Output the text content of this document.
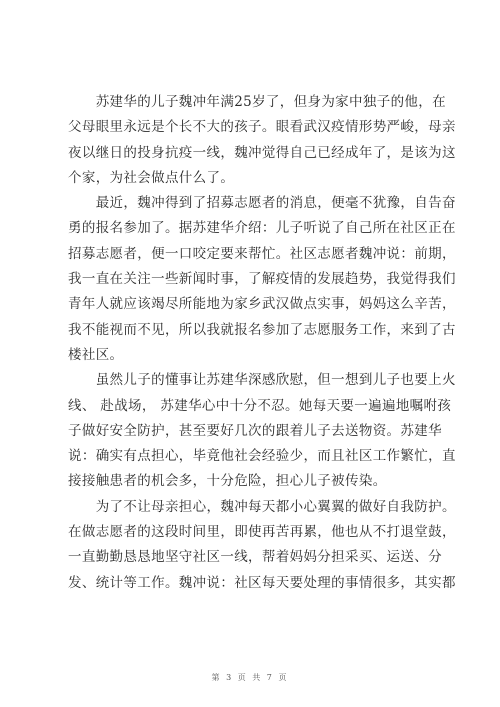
　　苏建华的儿子魏冲年满25岁了，但身为家中独子的他，在
父母眼里永远是个长不大的孩子。眼看武汉疫情形势严峻，母亲
夜以继日的投身抗疫一线，魏冲觉得自己已经成年了，是该为这
个家，为社会做点什么了。
　　最近，魏冲得到了招募志愿者的消息，便毫不犹豫，自告奋
勇的报名参加了。据苏建华介绍：儿子听说了自己所在社区正在
招募志愿者，便一口咬定要来帮忙。社区志愿者魏冲说：前期，
我一直在关注一些新闻时事，了解疫情的发展趋势，我觉得我们
青年人就应该竭尽所能地为家乡武汉做点实事，妈妈这么辛苦，
我不能视而不见，所以我就报名参加了志愿服务工作，来到了古
楼社区。
　　虽然儿子的懂事让苏建华深感欣慰，但一想到儿子也要上火
线、 赴战场， 苏建华心中十分不忍。她每天要一遍遍地嘱咐孩
子做好安全防护，甚至要好几次的跟着儿子去送物资。苏建华
说：确实有点担心，毕竟他社会经验少，而且社区工作繁忙，直
接接触患者的机会多，十分危险，担心儿子被传染。
　　为了不让母亲担心，魏冲每天都小心翼翼的做好自我防护。
在做志愿者的这段时间里，即使再苦再累，他也从不打退堂鼓，
一直勤勤恳恳地坚守社区一线，帮着妈妈分担采买、运送、分
发、统计等工作。魏冲说：社区每天要处理的事情很多，其实都
第 3 页 共 7 页
